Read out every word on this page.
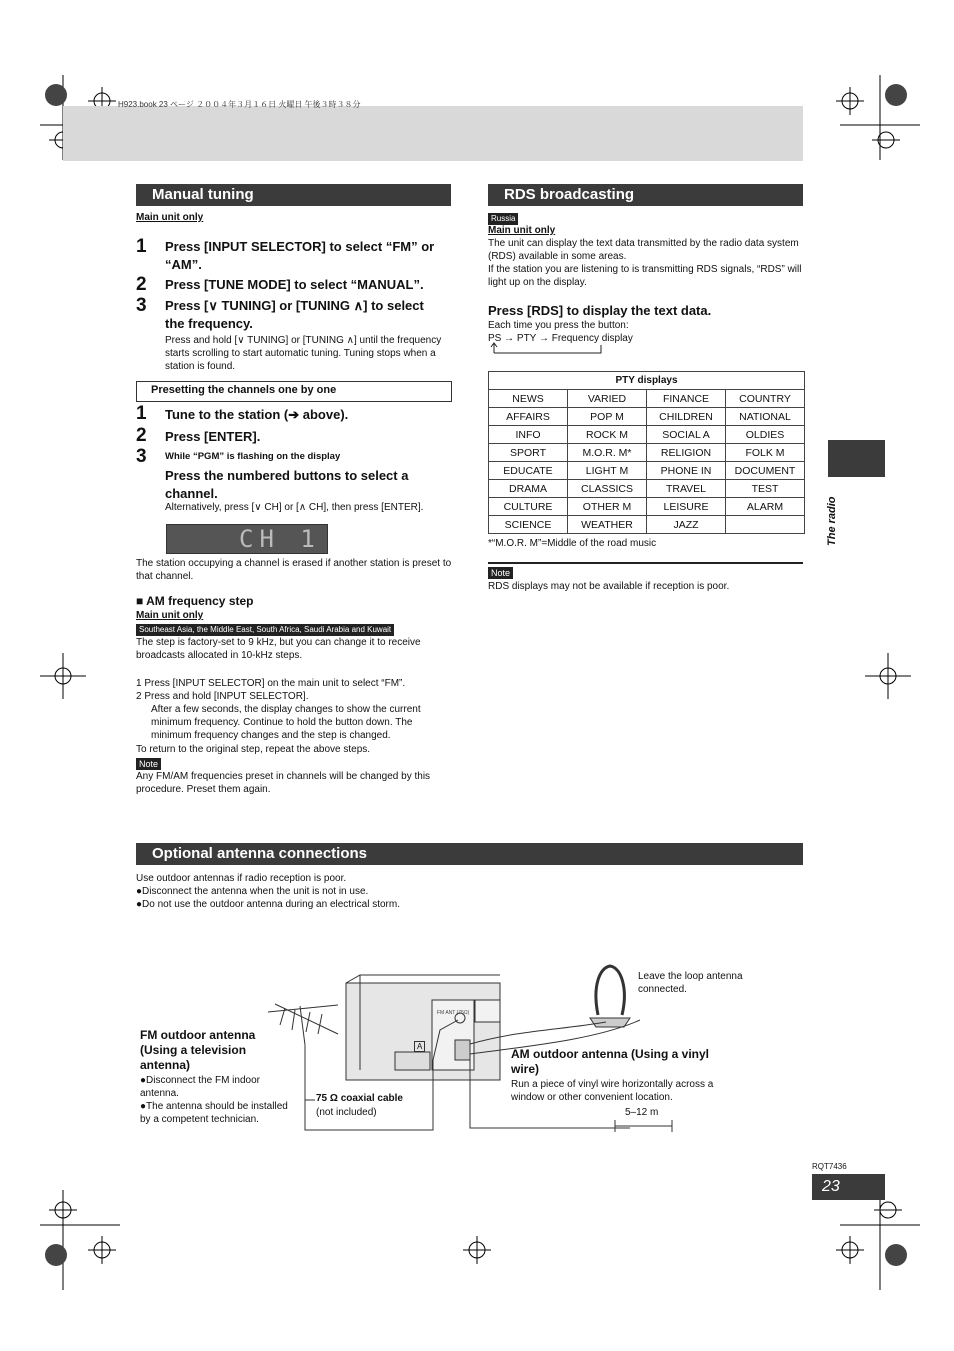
H923.book 23 ページ ２００４年３月１６日 火曜日 午後３時３８分
Manual tuning
Main unit only
1 Press [INPUT SELECTOR] to select “FM” or “AM”.
2 Press [TUNE MODE] to select “MANUAL”.
3 Press [∨ TUNING] or [TUNING ∧] to select the frequency.
Press and hold [∨ TUNING] or [TUNING ∧] until the frequency starts scrolling to start automatic tuning. Tuning stops when a station is found.
Presetting the channels one by one
1 Tune to the station (➔ above).
2 Press [ENTER].
3 While “PGM” is flashing on the display
Press the numbered buttons to select a channel.
Alternatively, press [∨ CH] or [∧ CH], then press [ENTER].
CH 1
The station occupying a channel is erased if another station is preset to that channel.
■ AM frequency step
Main unit only
Southeast Asia, the Middle East, South Africa, Saudi Arabia and Kuwait
The step is factory-set to 9 kHz, but you can change it to receive broadcasts allocated in 10-kHz steps.
1 Press [INPUT SELECTOR] on the main unit to select “FM”.
2 Press and hold [INPUT SELECTOR].
After a few seconds, the display changes to show the current minimum frequency. Continue to hold the button down. The minimum frequency changes and the step is changed.
To return to the original step, repeat the above steps.
Note
Any FM/AM frequencies preset in channels will be changed by this procedure. Preset them again.
RDS broadcasting
Russia
Main unit only
The unit can display the text data transmitted by the radio data system (RDS) available in some areas.
If the station you are listening to is transmitting RDS signals, “RDS” will light up on the display.
Press [RDS] to display the text data.
Each time you press the button:
PS → PTY → Frequency display
PTY displays			
NEWS	VARIED	FINANCE	COUNTRY
AFFAIRS	POP M	CHILDREN	NATIONAL
INFO	ROCK M	SOCIAL A	OLDIES
SPORT	M.O.R. M*	RELIGION	FOLK M
EDUCATE	LIGHT M	PHONE IN	DOCUMENT
DRAMA	CLASSICS	TRAVEL	TEST
CULTURE	OTHER M	LEISURE	ALARM
SCIENCE	WEATHER	JAZZ	
*“M.O.R. M”=Middle of the road music
Note
RDS displays may not be available if reception is poor.
The radio
Optional antenna connections
Use outdoor antennas if radio reception is poor.
●Disconnect the antenna when the unit is not in use.
●Do not use the outdoor antenna during an electrical storm.
FM ANT (75Ω)
A
Leave the loop antenna connected.
FM outdoor antenna (Using a television antenna)
●Disconnect the FM indoor antenna.
●The antenna should be installed by a competent technician.
75 Ω coaxial cable
(not included)
AM outdoor antenna (Using a vinyl wire)
Run a piece of vinyl wire horizontally across a window or other convenient location.
5–12 m
RQT7436
23
